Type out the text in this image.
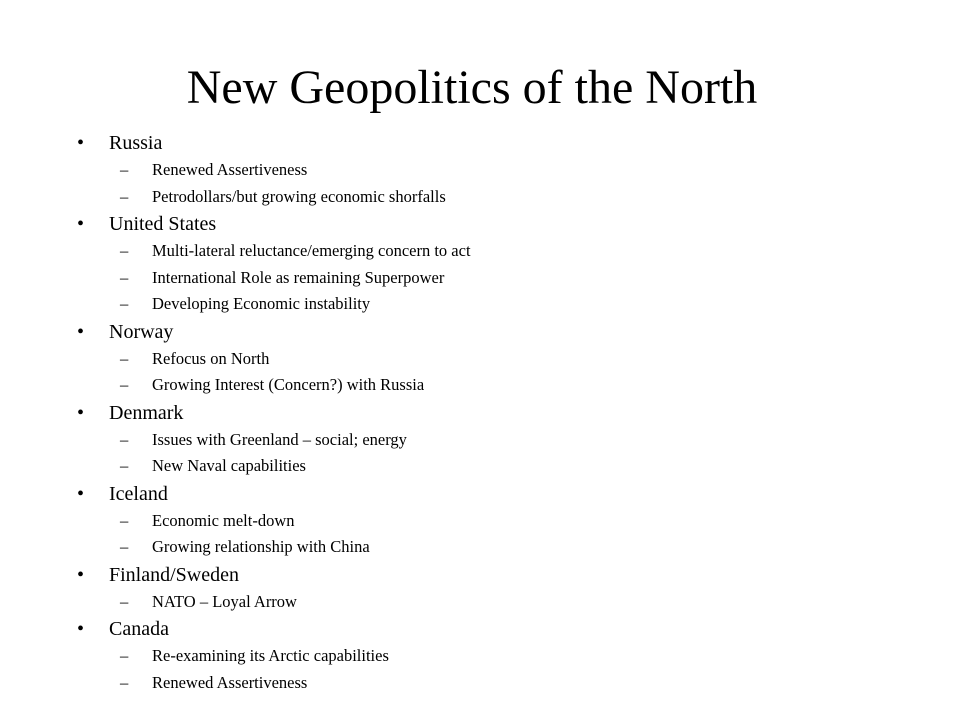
New Geopolitics of the North
•	Russia
–	Renewed Assertiveness
–	Petrodollars/but growing economic shorfalls
•	United States
–	Multi-lateral reluctance/emerging concern to act
–	International Role as remaining Superpower
–	Developing Economic instability
•	Norway
–	Refocus on North
–	Growing Interest (Concern?) with Russia
•	Denmark
–	Issues with Greenland – social; energy
–	New Naval capabilities
•	Iceland
–	Economic melt-down
–	Growing relationship with China
•	Finland/Sweden
–	NATO – Loyal Arrow
•	Canada
–	Re-examining its Arctic capabilities
–	Renewed Assertiveness
